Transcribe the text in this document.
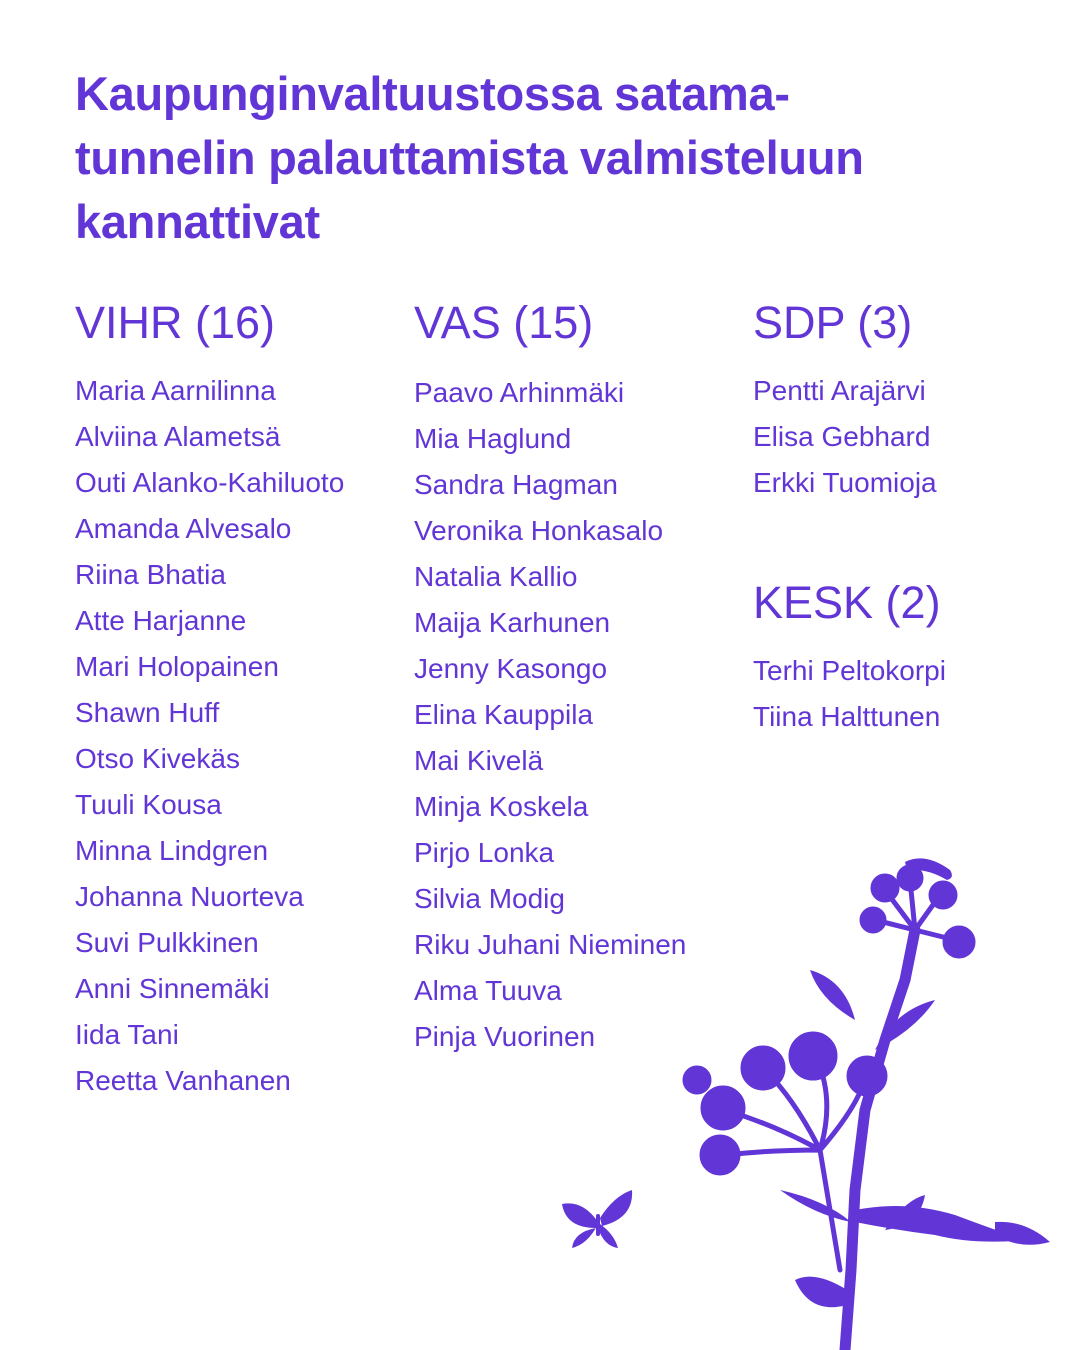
Kaupunginvaltuustossa satama-
tunnelin palauttamista valmisteluun
kannattivat
VIHR (16)
Maria Aarnilinna
Alviina Alametsä
Outi Alanko-Kahiluoto
Amanda Alvesalo
Riina Bhatia
Atte Harjanne
Mari Holopainen
Shawn Huff
Otso Kivekäs
Tuuli Kousa
Minna Lindgren
Johanna Nuorteva
Suvi Pulkkinen
Anni Sinnemäki
Iida Tani
Reetta Vanhanen
VAS (15)
Paavo Arhinmäki
Mia Haglund
Sandra Hagman
Veronika Honkasalo
Natalia Kallio
Maija Karhunen
Jenny Kasongo
Elina Kauppila
Mai Kivelä
Minja Koskela
Pirjo Lonka
Silvia Modig
Riku Juhani Nieminen
Alma Tuuva
Pinja Vuorinen
SDP (3)
Pentti Arajärvi
Elisa Gebhard
Erkki Tuomioja
KESK (2)
Terhi Peltokorpi
Tiina Halttunen
